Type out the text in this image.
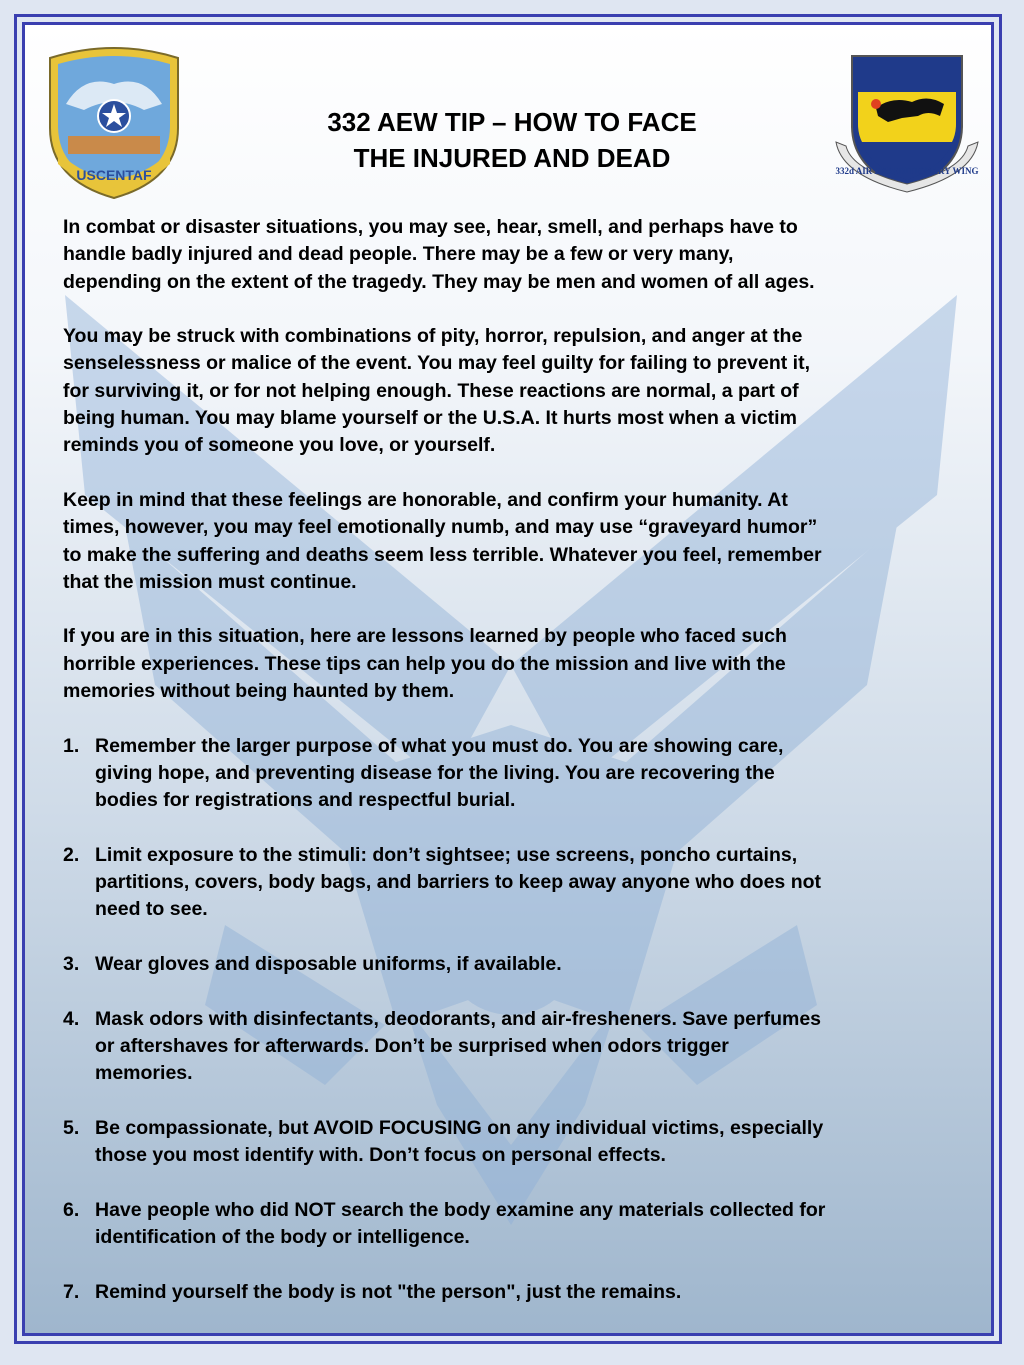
USCENTAF	332d AIR EXPEDITIONARY WING
332 AEW TIP – HOW TO FACE
THE INJURED AND DEAD
In combat or disaster situations, you may see, hear, smell, and perhaps have to
handle badly injured and dead people. There may be a few or very many,
depending on the extent of the tragedy. They may be men and women of all ages.
You may be struck with combinations of pity, horror, repulsion, and anger at the
senselessness or malice of the event. You may feel guilty for failing to prevent it,
for surviving it, or for not helping enough. These reactions are normal, a part of
being human. You may blame yourself or the U.S.A. It hurts most when a victim
reminds you of someone you love, or yourself.
Keep in mind that these feelings are honorable, and confirm your humanity. At
times, however, you may feel emotionally numb, and may use “graveyard humor”
to make the suffering and deaths seem less terrible. Whatever you feel, remember
that the mission must continue.
If you are in this situation, here are lessons learned by people who faced such
horrible experiences. These tips can help you do the mission and live with the
memories without being haunted by them.
1. Remember the larger purpose of what you must do. You are showing care,
giving hope, and preventing disease for the living. You are recovering the
bodies for registrations and respectful burial.
2. Limit exposure to the stimuli: don’t sightsee; use screens, poncho curtains,
partitions, covers, body bags, and barriers to keep away anyone who does not
need to see.
3. Wear gloves and disposable uniforms, if available.
4. Mask odors with disinfectants, deodorants, and air-fresheners. Save perfumes
or aftershaves for afterwards. Don’t be surprised when odors trigger
memories.
5. Be compassionate, but AVOID FOCUSING on any individual victims, especially
those you most identify with. Don’t focus on personal effects.
6. Have people who did NOT search the body examine any materials collected for
identification of the body or intelligence.
7. Remind yourself the body is not "the person", just the remains.
